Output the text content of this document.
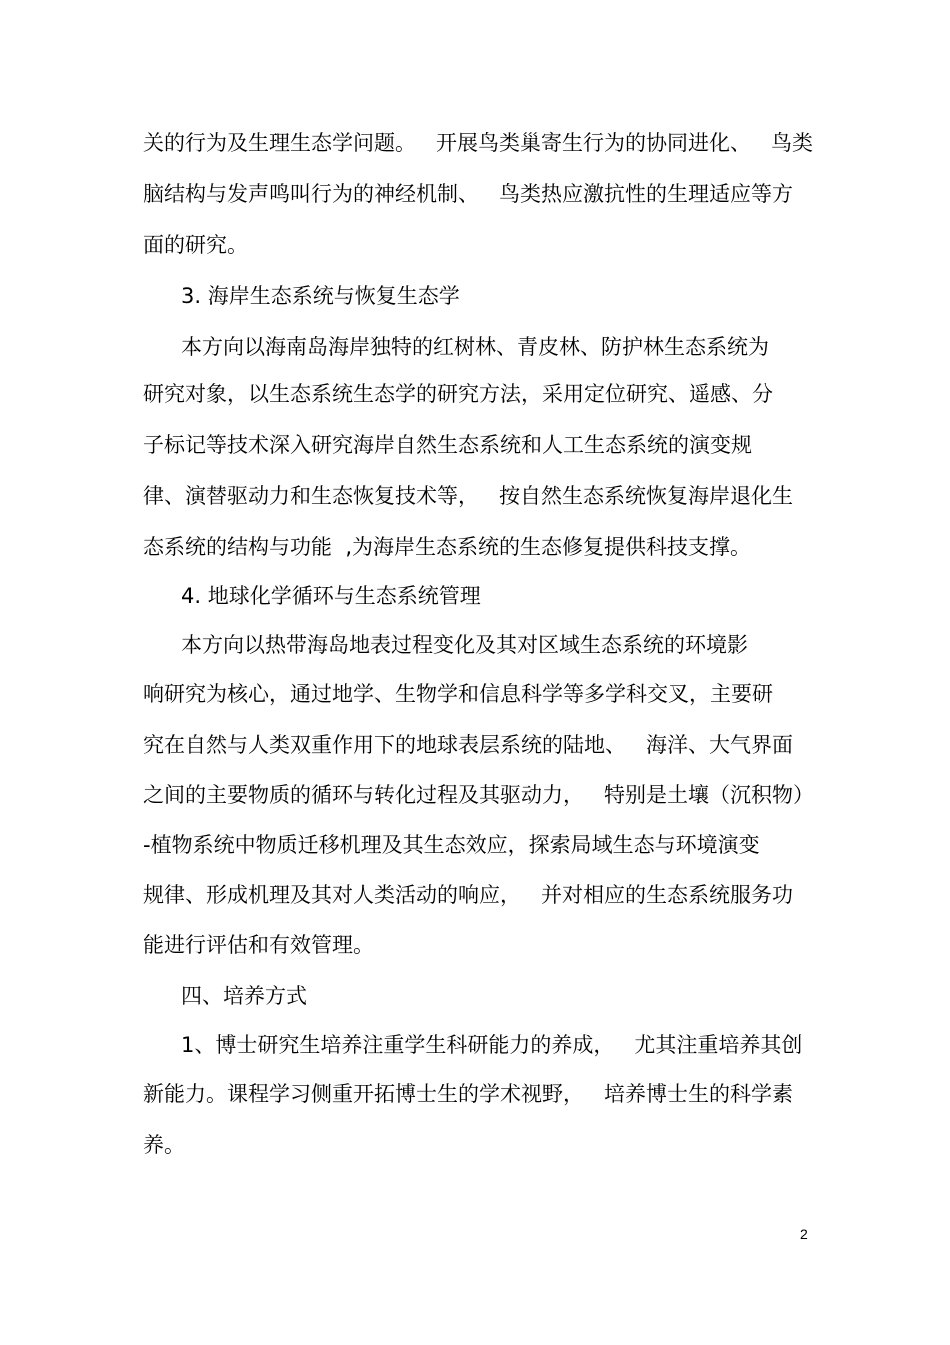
关的行为及生理生态学问题。   开展鸟类巢寄生行为的协同进化、   鸟类
脑结构与发声鸣叫行为的神经机制、   鸟类热应激抗性的生理适应等方
面的研究。
3. 海岸生态系统与恢复生态学
本方向以海南岛海岸独特的红树林、青皮林、防护林生态系统为
研究对象，以生态系统生态学的研究方法，采用定位研究、遥感、分
子标记等技术深入研究海岸自然生态系统和人工生态系统的演变规
律、演替驱动力和生态恢复技术等，   按自然生态系统恢复海岸退化生
态系统的结构与功能  ,为海岸生态系统的生态修复提供科技支撑。
4. 地球化学循环与生态系统管理
本方向以热带海岛地表过程变化及其对区域生态系统的环境影
响研究为核心，通过地学、生物学和信息科学等多学科交叉，主要研
究在自然与人类双重作用下的地球表层系统的陆地、   海洋、大气界面
之间的主要物质的循环与转化过程及其驱动力，   特别是土壤（沉积物）
-植物系统中物质迁移机理及其生态效应，探索局域生态与环境演变
规律、形成机理及其对人类活动的响应，   并对相应的生态系统服务功
能进行评估和有效管理。
四、培养方式
1、博士研究生培养注重学生科研能力的养成，   尤其注重培养其创
新能力。课程学习侧重开拓博士生的学术视野，   培养博士生的科学素
养。
2
